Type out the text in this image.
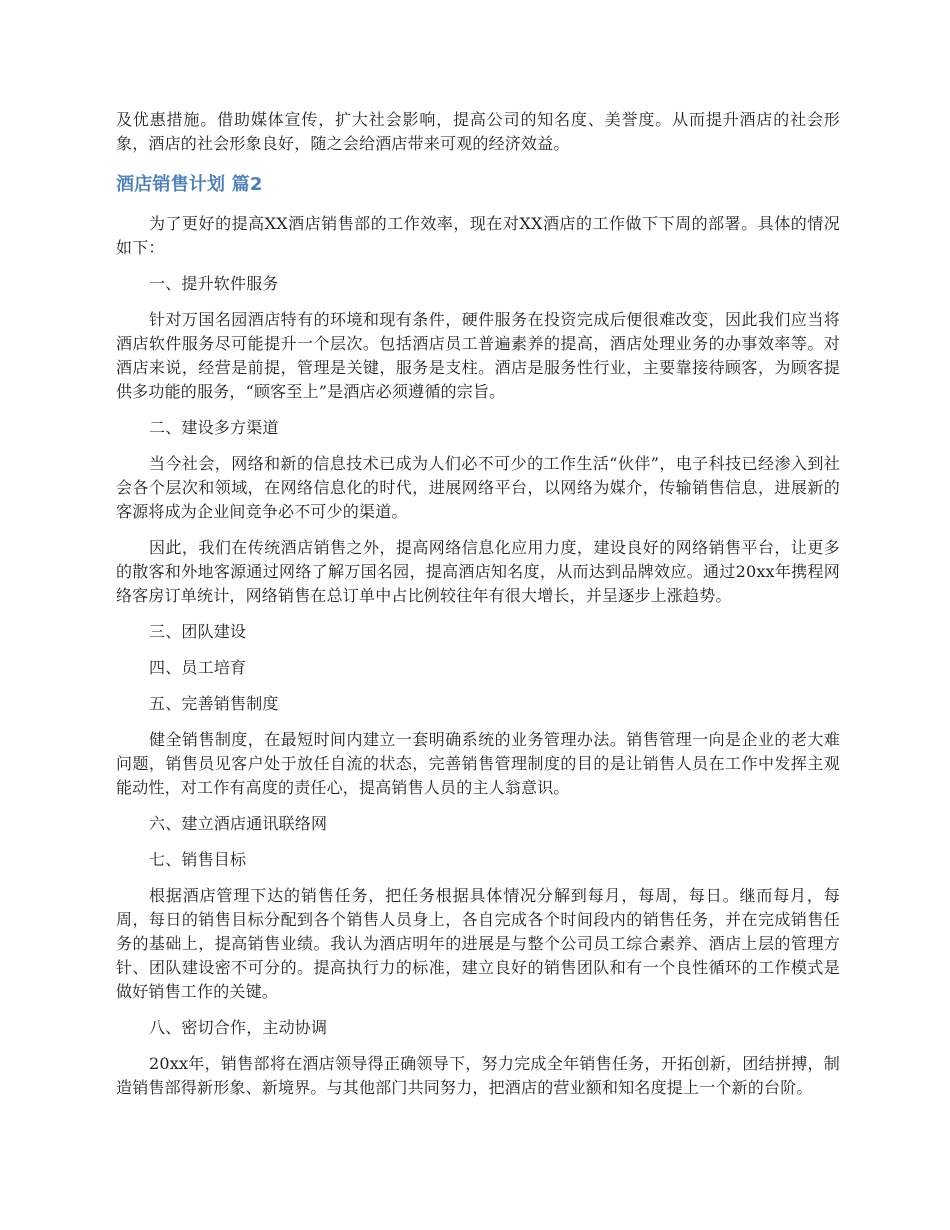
及优惠措施。借助媒体宣传，扩大社会影响，提高公司的知名度、美誉度。从而提升酒店的社会形象，酒店的社会形象良好，随之会给酒店带来可观的经济效益。

酒店销售计划 篇2

为了更好的提高XX酒店销售部的工作效率，现在对XX酒店的工作做下下周的部署。具体的情况如下：

一、提升软件服务

针对万国名园酒店特有的环境和现有条件，硬件服务在投资完成后便很难改变，因此我们应当将酒店软件服务尽可能提升一个层次。包括酒店员工普遍素养的提高，酒店处理业务的办事效率等。对酒店来说，经营是前提，管理是关键，服务是支柱。酒店是服务性行业，主要靠接待顾客，为顾客提供多功能的服务，“顾客至上”是酒店必须遵循的宗旨。

二、建设多方渠道

当今社会，网络和新的信息技术已成为人们必不可少的工作生活“伙伴”，电子科技已经渗入到社会各个层次和领域，在网络信息化的时代，进展网络平台，以网络为媒介，传输销售信息，进展新的客源将成为企业间竞争必不可少的渠道。

因此，我们在传统酒店销售之外，提高网络信息化应用力度，建设良好的网络销售平台，让更多的散客和外地客源通过网络了解万国名园，提高酒店知名度，从而达到品牌效应。通过20xx年携程网络客房订单统计，网络销售在总订单中占比例较往年有很大增长，并呈逐步上涨趋势。

三、团队建设

四、员工培育

五、完善销售制度

健全销售制度，在最短时间内建立一套明确系统的业务管理办法。销售管理一向是企业的老大难问题，销售员见客户处于放任自流的状态，完善销售管理制度的目的是让销售人员在工作中发挥主观能动性，对工作有高度的责任心，提高销售人员的主人翁意识。

六、建立酒店通讯联络网

七、销售目标

根据酒店管理下达的销售任务，把任务根据具体情况分解到每月，每周，每日。继而每月，每周，每日的销售目标分配到各个销售人员身上，各自完成各个时间段内的销售任务，并在完成销售任务的基础上，提高销售业绩。我认为酒店明年的进展是与整个公司员工综合素养、酒店上层的管理方针、团队建设密不可分的。提高执行力的标准，建立良好的销售团队和有一个良性循环的工作模式是做好销售工作的关键。

八、密切合作，主动协调

20xx年，销售部将在酒店领导得正确领导下，努力完成全年销售任务，开拓创新，团结拼搏，制造销售部得新形象、新境界。与其他部门共同努力，把酒店的营业额和知名度提上一个新的台阶。
